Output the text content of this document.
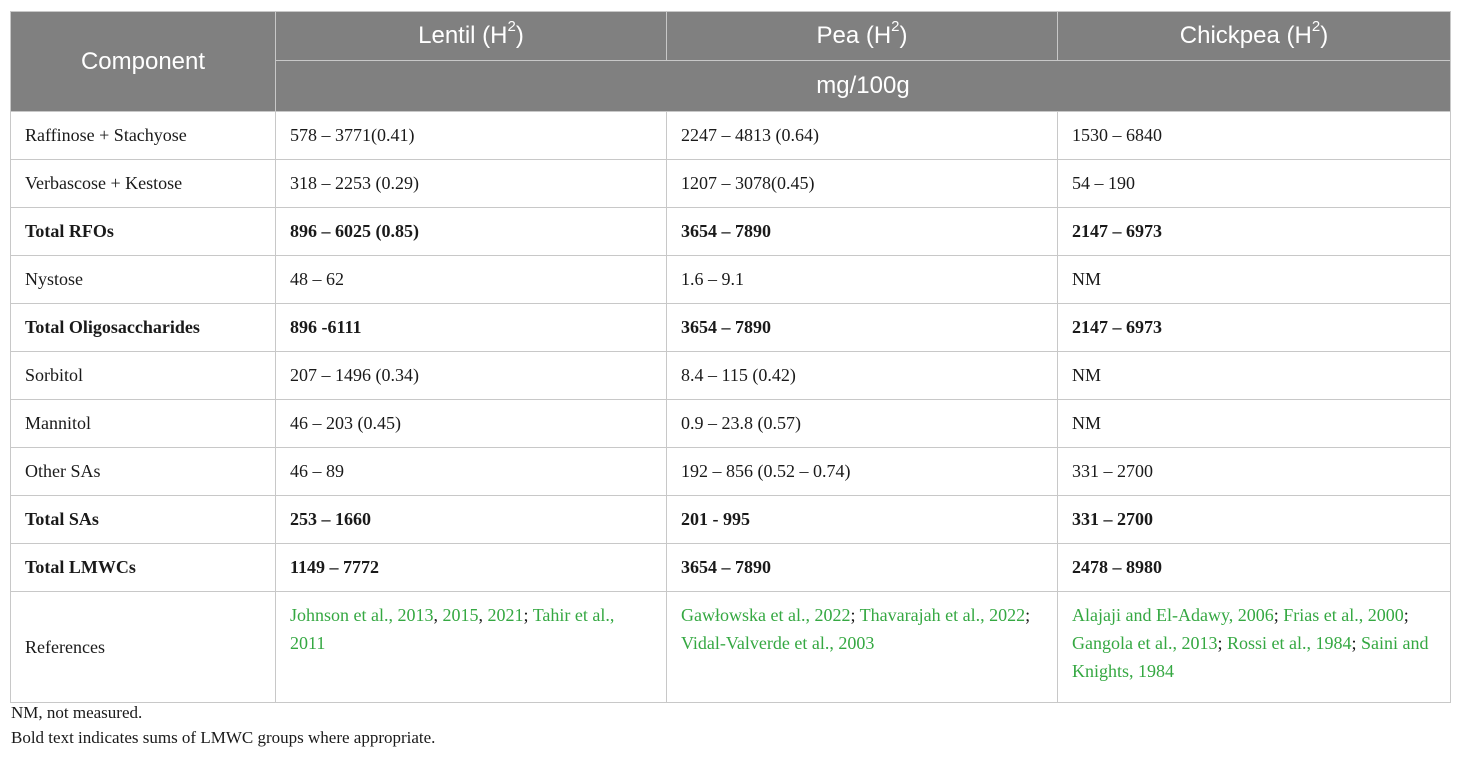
Component	Lentil $(H^2)$	Pea $(H^2)$	Chickpea $(H^2)$
	mg/100g		
Raffinose + Stachyose	578 – 3771(0.41)	2247 – 4813 (0.64)	1530 – 6840
Verbascose + Kestose	318 – 2253 (0.29)	1207 – 3078(0.45)	54 – 190
Total RFOs	896 – 6025 (0.85)	3654 – 7890	2147 – 6973
Nystose	48 – 62	1.6 – 9.1	NM
Total Oligosaccharides	896 -6111	3654 – 7890	2147 – 6973
Sorbitol	207 – 1496 (0.34)	8.4 – 115 (0.42)	NM
Mannitol	46 – 203 (0.45)	0.9 – 23.8 (0.57)	NM
Other SAs	46 – 89	192 – 856 (0.52 – 0.74)	331 – 2700
Total SAs	253 – 1660	201 - 995	331 – 2700
Total LMWCs	1149 – 7772	3654 – 7890	2478 – 8980
References	Johnson et al., 2013, 2015, 2021; Tahir et al., 2011	Gawłowska et al., 2022; Thavarajah et al., 2022; Vidal-Valverde et al., 2003	Alajaji and El-Adawy, 2006; Frias et al., 2000; Gangola et al., 2013; Rossi et al., 1984; Saini and Knights, 1984
NM, not measured.
Bold text indicates sums of LMWC groups where appropriate.
